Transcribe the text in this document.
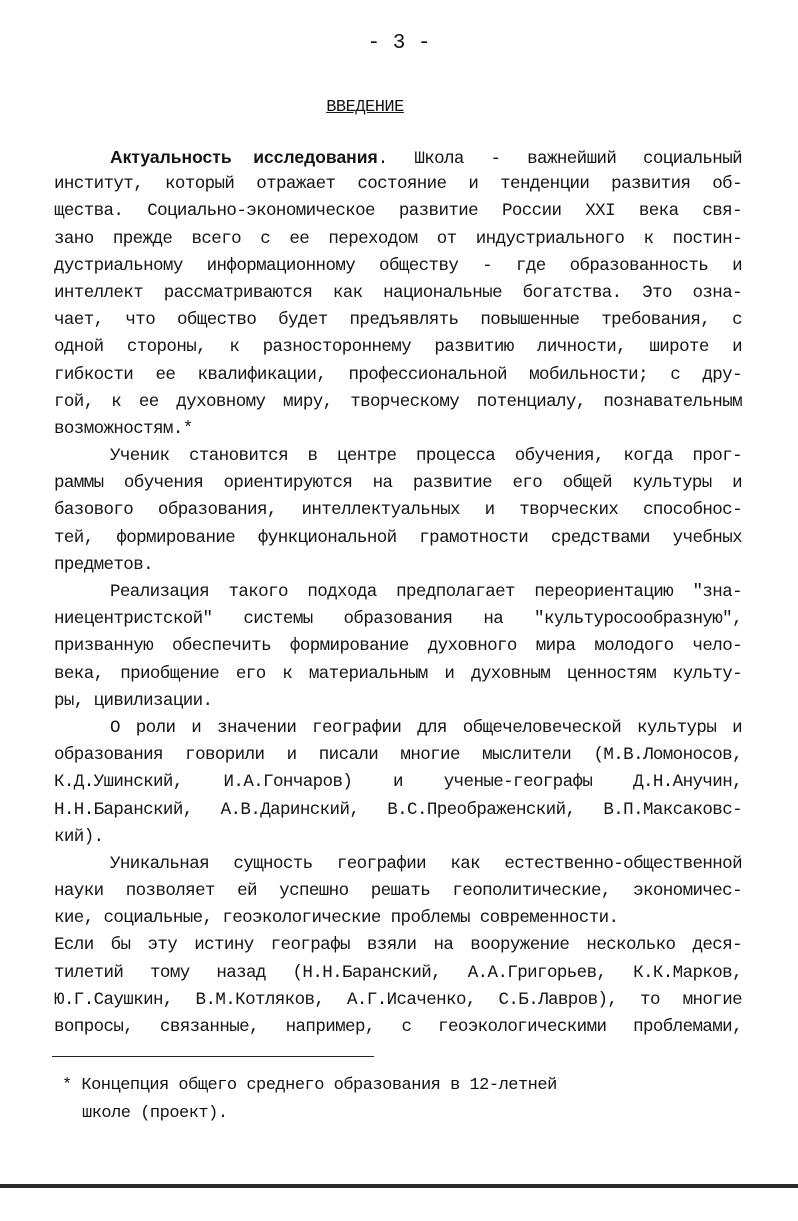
- 3 -
ВВЕДЕНИЕ
Актуальность исследования. Школа - важнейший социальный
институт, который отражает состояние и тенденции развития об-
щества. Социально-экономическое развитие России XXI века свя-
зано прежде всего с ее переходом от индустриального к постин-
дустриальному информационному обществу - где образованность и
интеллект рассматриваются как национальные богатства. Это озна-
чает, что общество будет предъявлять повышенные требования, с
одной стороны, к разностороннему развитию личности, широте и
гибкости ее квалификации, профессиональной мобильности; с дру-
гой, к ее духовному миру, творческому потенциалу, познавательным
возможностям.*
Ученик становится в центре процесса обучения, когда прог-
раммы обучения ориентируются на развитие его общей культуры и
базового образования, интеллектуальных и творческих способнос-
тей, формирование функциональной грамотности средствами учебных
предметов.
Реализация такого подхода предполагает переориентацию "зна-
ниецентристской" системы образования на "культуросообразную",
призванную обеспечить формирование духовного мира молодого чело-
века, приобщение его к материальным и духовным ценностям культу-
ры, цивилизации.
О роли и значении географии для общечеловеческой культуры и
образования говорили и писали многие мыслители (М.В.Ломоносов,
К.Д.Ушинский, И.А.Гончаров) и ученые-географы Д.Н.Анучин,
Н.Н.Баранский, А.В.Даринский, В.С.Преображенский, В.П.Максаковс-
кий).
Уникальная сущность географии как естественно-общественной
науки позволяет ей успешно решать геополитические, экономичес-
кие, социальные, геоэкологические проблемы современности.
Если бы эту истину географы взяли на вооружение несколько деся-
тилетий тому назад (Н.Н.Баранский, А.А.Григорьев, К.К.Марков,
Ю.Г.Саушкин, В.М.Котляков, А.Г.Исаченко, С.Б.Лавров), то многие
вопросы, связанные, например, с геоэкологическими проблемами,
* Концепция общего среднего образования в 12-летней
школе (проект).
